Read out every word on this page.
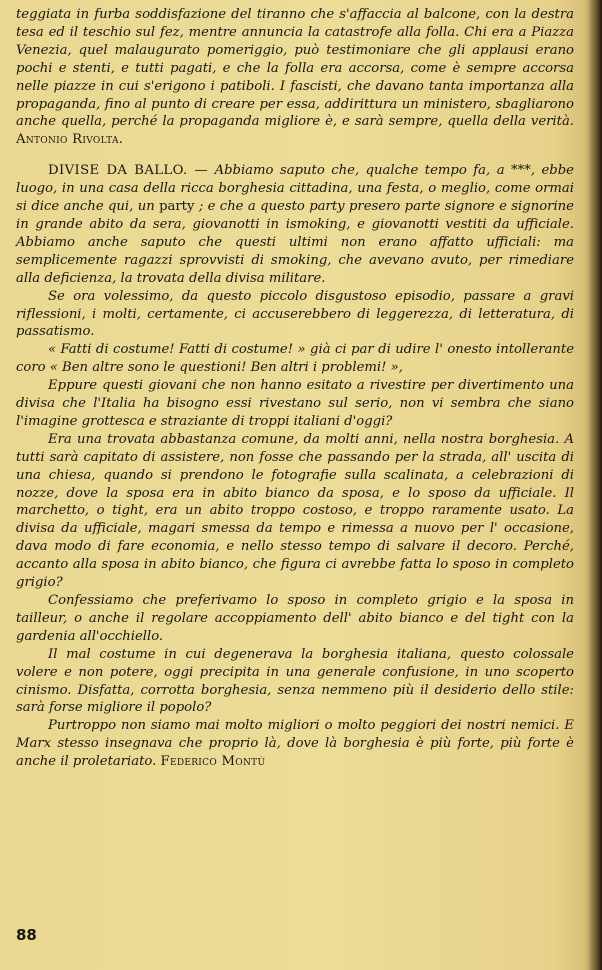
teggiata in furba soddisfazione del tiranno che s'affaccia al balcone, con la destra tesa ed il teschio sul fez, mentre annuncia la catastrofe alla folla. Chi era a Piazza Venezia, quel malaugurato pomeriggio, può testimoniare che gli applausi erano pochi e stenti, e tutti pagati, e che la folla era accorsa, come è sempre accorsa nelle piazze in cui s'erigono i patiboli. I fascisti, che davano tanta importanza alla propaganda, fino al punto di creare per essa, addirittura un ministero, sbagliarono anche quella, perché la propaganda migliore è, e sarà sempre, quella della verità. Antonio Rivolta.

DIVISE DA BALLO. — Abbiamo saputo che, qualche tempo fa, a ***, ebbe luogo, in una casa della ricca borghesia cittadina, una festa, o meglio, come ormai si dice anche qui, un party ; e che a questo party presero parte signore e signorine in grande abito da sera, giovanotti in ismoking, e giovanotti vestiti da ufficiale. Abbiamo anche saputo che questi ultimi non erano affatto ufficiali: ma semplicemente ragazzi sprovvisti di smoking, che avevano avuto, per rimediare alla deficienza, la trovata della divisa militare.

Se ora volessimo, da questo piccolo disgustoso episodio, passare a gravi riflessioni, i molti, certamente, ci accuserebbero di leggerezza, di letteratura, di passatismo.

« Fatti di costume! Fatti di costume! » già ci par di udire l' onesto intollerante coro « Ben altre sono le questioni! Ben altri i problemi! »,

Eppure questi giovani che non hanno esitato a rivestire per divertimento una divisa che l'Italia ha bisogno essi rivestano sul serio, non vi sembra che siano l'imagine grottesca e straziante di troppi italiani d'oggi?

Era una trovata abbastanza comune, da molti anni, nella nostra borghesia. A tutti sarà capitato di assistere, non fosse che passando per la strada, all' uscita di una chiesa, quando si prendono le fotografie sulla scalinata, a celebrazioni di nozze, dove la sposa era in abito bianco da sposa, e lo sposo da ufficiale. Il marchetto, o tight, era un abito troppo costoso, e troppo raramente usato. La divisa da ufficiale, magari smessa da tempo e rimessa a nuovo per l' occasione, dava modo di fare economia, e nello stesso tempo di salvare il decoro. Perché, accanto alla sposa in abito bianco, che figura ci avrebbe fatta lo sposo in completo grigio?

Confessiamo che preferivamo lo sposo in completo grigio e la sposa in tailleur, o anche il regolare accoppiamento dell' abito bianco e del tight con la gardenia all'occhiello.

Il mal costume in cui degenerava la borghesia italiana, questo colossale volere e non potere, oggi precipita in una generale confusione, in uno scoperto cinismo. Disfatta, corrotta borghesia, senza nemmeno più il desiderio dello stile: sarà forse migliore il popolo?

Purtroppo non siamo mai molto migliori o molto peggiori dei nostri nemici. E Marx stesso insegnava che proprio là, dove là borghesia è più forte, più forte è anche il proletariato. Federico Montù

88
